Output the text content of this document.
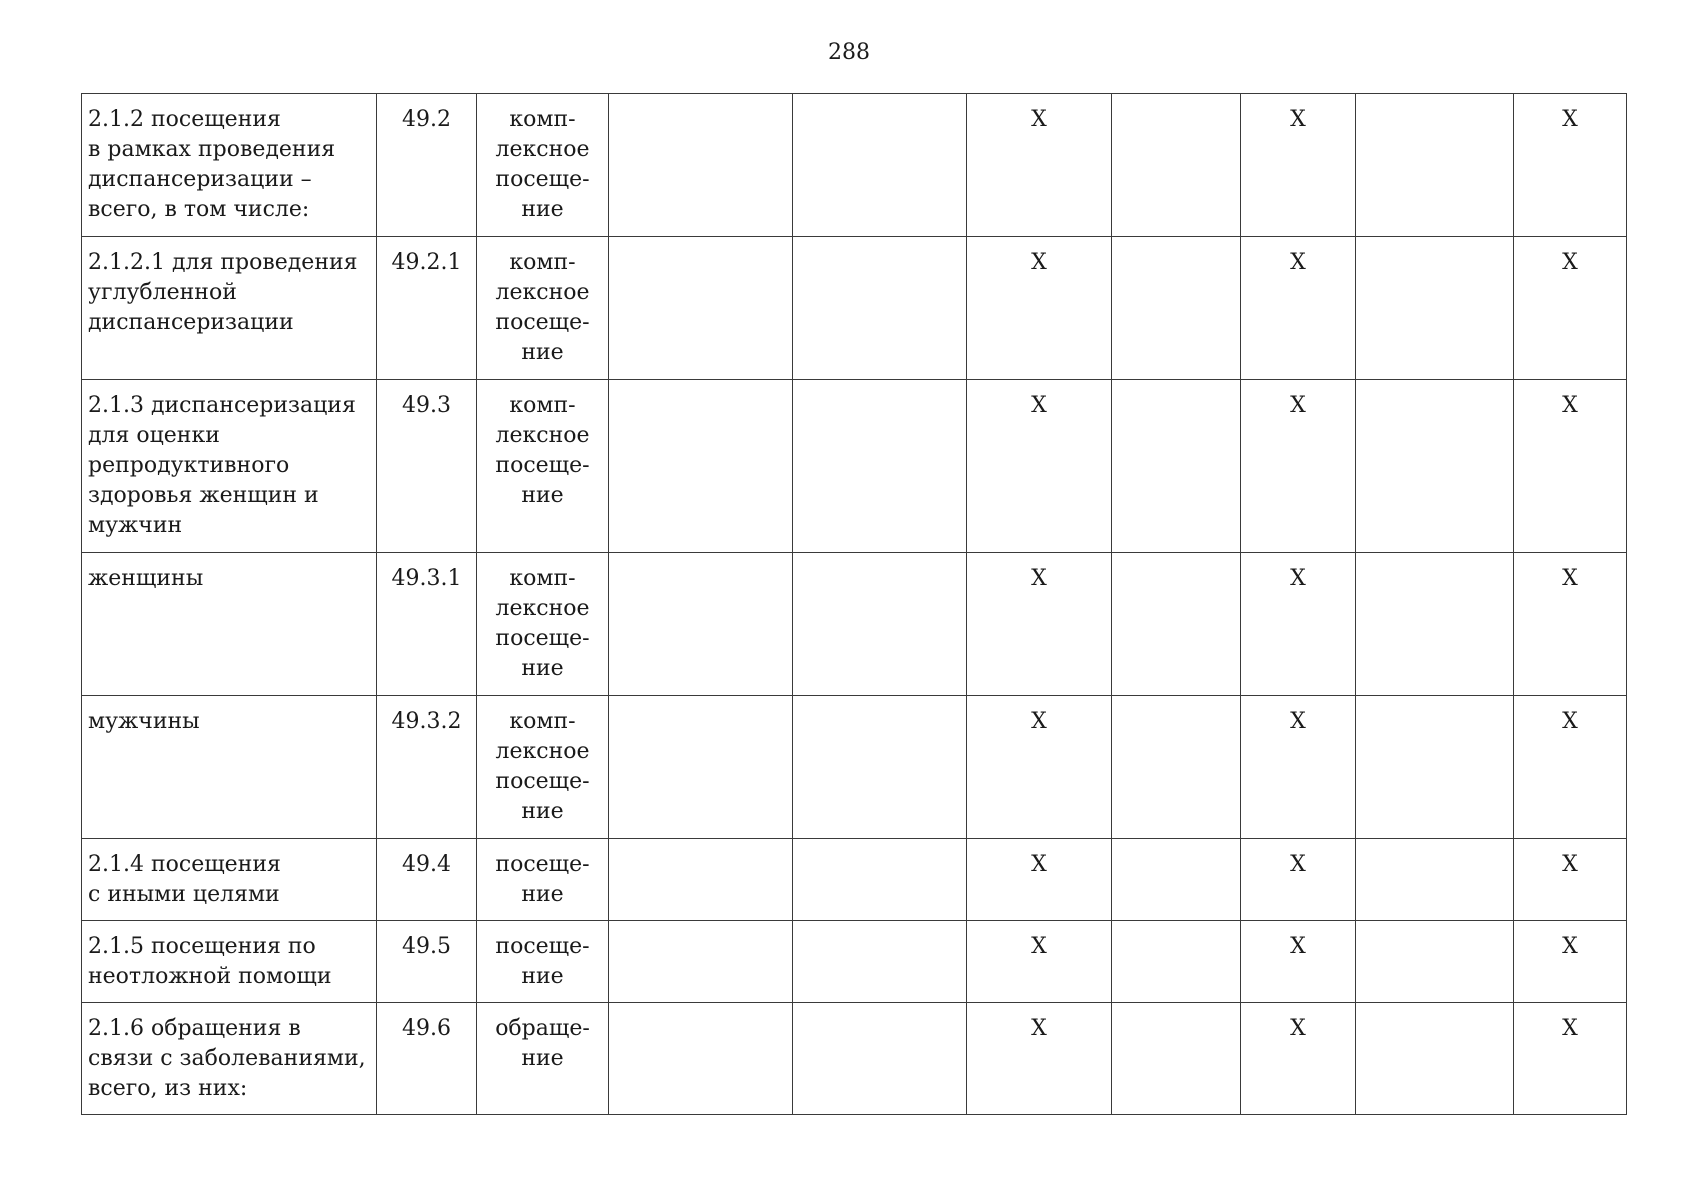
288
2.1.2 посещения
в рамках проведения диспансеризации –
всего, в том числе:	49.2	комп-
лексное
посеще-
ние			X		X		X
2.1.2.1 для проведения углубленной
диспансеризации	49.2.1	комп-
лексное
посеще-
ние			X		X		X
2.1.3 диспансеризация для оценки
репродуктивного здоровья женщин и мужчин	49.3	комп-
лексное
посеще-
ние			X		X		X
женщины	49.3.1	комп-
лексное
посеще-
ние			X		X		X
мужчины	49.3.2	комп-
лексное
посеще-
ние			X		X		X
2.1.4 посещения
с иными целями	49.4	посеще-
ние			X		X		X
2.1.5 посещения по неотложной помощи	49.5	посеще-
ние			X		X		X
2.1.6 обращения в связи с заболеваниями, всего, из них:	49.6	обраще-
ние			X		X		X
